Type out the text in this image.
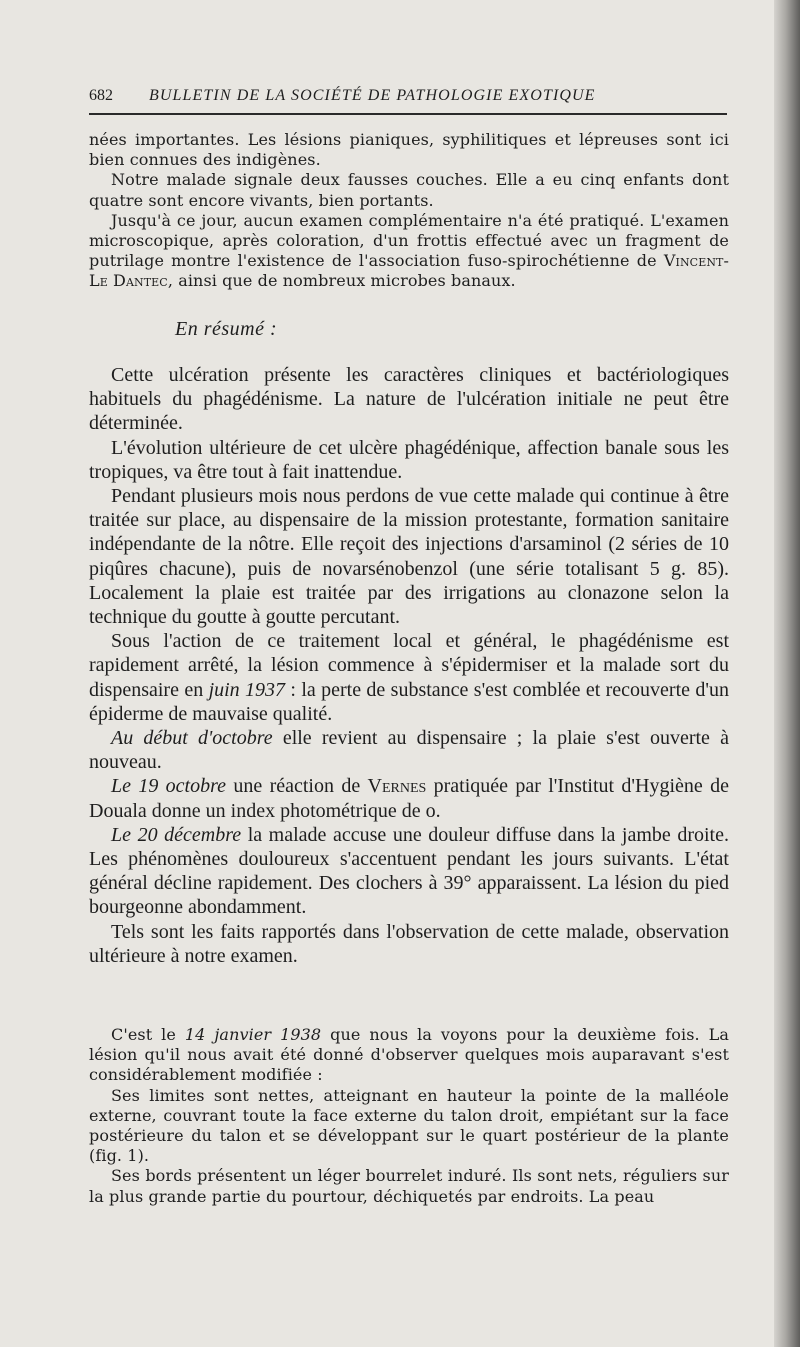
682 BULLETIN DE LA SOCIÉTÉ DE PATHOLOGIE EXOTIQUE

nées importantes. Les lésions pianiques, syphilitiques et lépreuses sont ici bien connues des indigènes.

Notre malade signale deux fausses couches. Elle a eu cinq enfants dont quatre sont encore vivants, bien portants.

Jusqu'à ce jour, aucun examen complémentaire n'a été pratiqué. L'examen microscopique, après coloration, d'un frottis effectué avec un fragment de putrilage montre l'existence de l'association fuso-spirochétienne de Vincent-Le Dantec, ainsi que de nombreux microbes banaux.

En résumé :

Cette ulcération présente les caractères cliniques et bactériologiques habituels du phagédénisme. La nature de l'ulcération initiale ne peut être déterminée.

L'évolution ultérieure de cet ulcère phagédénique, affection banale sous les tropiques, va être tout à fait inattendue.

Pendant plusieurs mois nous perdons de vue cette malade qui continue à être traitée sur place, au dispensaire de la mission protestante, formation sanitaire indépendante de la nôtre. Elle reçoit des injections d'arsaminol (2 séries de 10 piqûres chacune), puis de novarsénobenzol (une série totalisant 5 g. 85). Localement la plaie est traitée par des irrigations au clonazone selon la technique du goutte à goutte percutant.

Sous l'action de ce traitement local et général, le phagédénisme est rapidement arrêté, la lésion commence à s'épidermiser et la malade sort du dispensaire en juin 1937 : la perte de substance s'est comblée et recouverte d'un épiderme de mauvaise qualité.

Au début d'octobre elle revient au dispensaire ; la plaie s'est ouverte à nouveau.

Le 19 octobre une réaction de Vernes pratiquée par l'Institut d'Hygiène de Douala donne un index photométrique de o.

Le 20 décembre la malade accuse une douleur diffuse dans la jambe droite. Les phénomènes douloureux s'accentuent pendant les jours suivants. L'état général décline rapidement. Des clochers à 39° apparaissent. La lésion du pied bourgeonne abondamment.

Tels sont les faits rapportés dans l'observation de cette malade, observation ultérieure à notre examen.

C'est le 14 janvier 1938 que nous la voyons pour la deuxième fois. La lésion qu'il nous avait été donné d'observer quelques mois auparavant s'est considérablement modifiée :

Ses limites sont nettes, atteignant en hauteur la pointe de la malléole externe, couvrant toute la face externe du talon droit, empiétant sur la face postérieure du talon et se développant sur le quart postérieur de la plante (fig. 1).

Ses bords présentent un léger bourrelet induré. Ils sont nets, réguliers sur la plus grande partie du pourtour, déchiquetés par endroits. La peau
